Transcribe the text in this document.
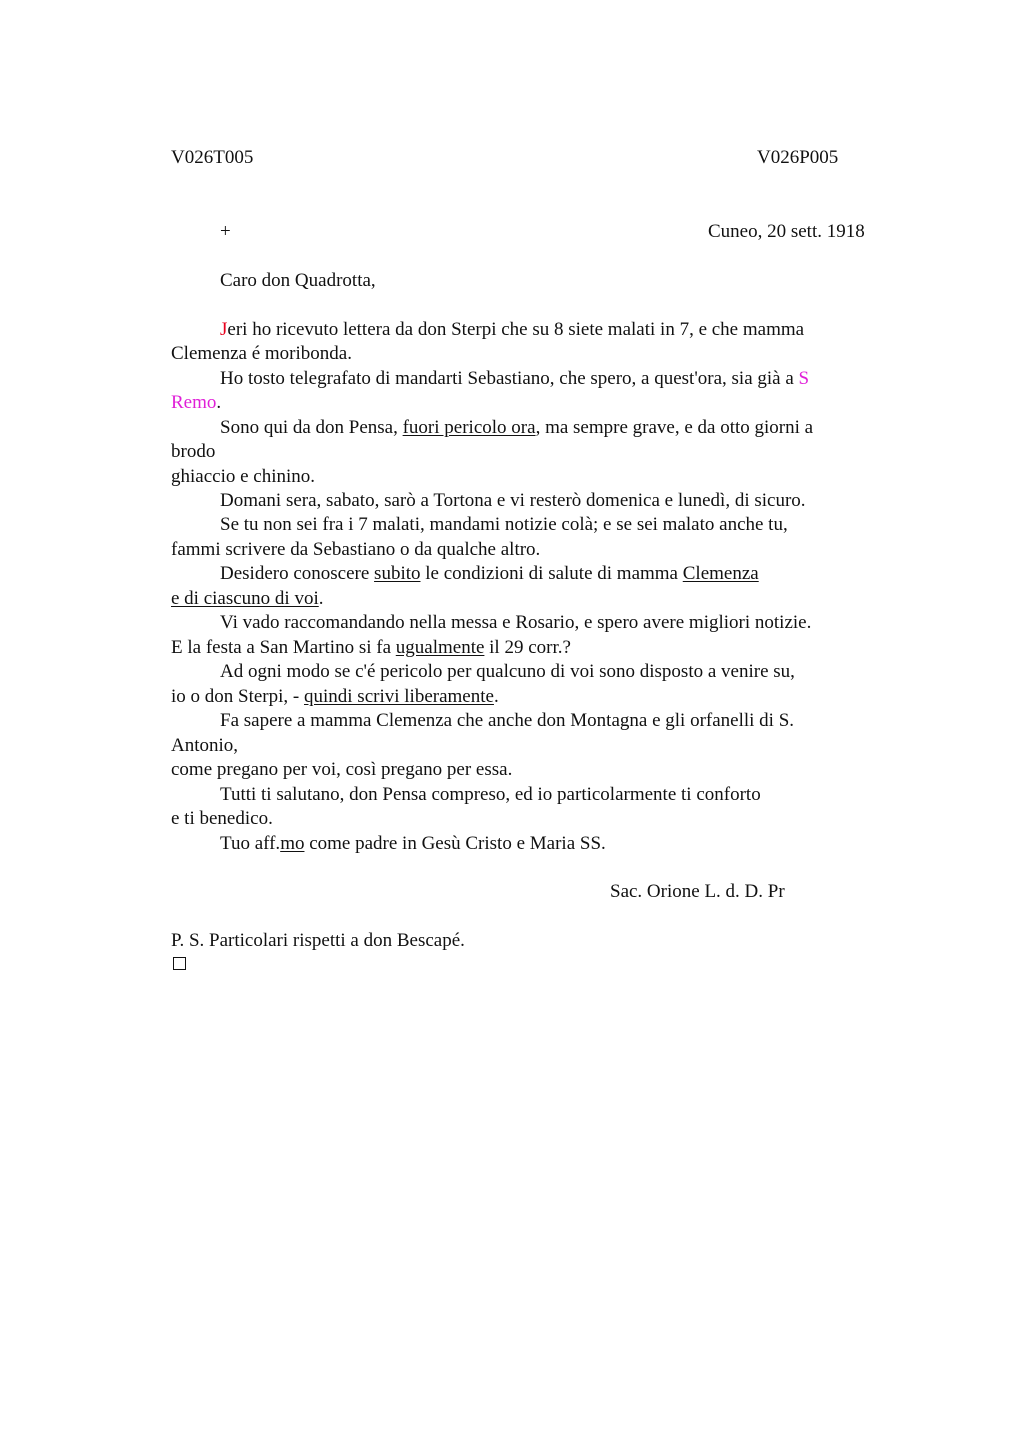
V026T005	V026P005
+	Cuneo, 20 sett. 1918
Caro don Quadrotta,
Jeri ho ricevuto lettera da don Sterpi che su 8 siete malati in 7, e che mamma
Clemenza é moribonda.
Ho tosto telegrafato di mandarti Sebastiano, che spero, a quest'ora, sia già a S
Remo.
Sono qui da don Pensa, fuori pericolo ora, ma sempre grave, e da otto giorni a
brodo
ghiaccio e chinino.
Domani sera, sabato, sarò a Tortona e vi resterò domenica e lunedì, di sicuro.
Se tu non sei fra i 7 malati, mandami notizie colà; e se sei malato anche tu,
fammi scrivere da Sebastiano o da qualche altro.
Desidero conoscere subito le condizioni di salute di mamma Clemenza
e di ciascuno di voi.
Vi vado raccomandando nella messa e Rosario, e spero avere migliori notizie.
E la festa a San Martino si fa ugualmente il 29 corr.?
Ad ogni modo se c'é pericolo per qualcuno di voi sono disposto a venire su,
io o don Sterpi, - quindi scrivi liberamente.
Fa sapere a mamma Clemenza che anche don Montagna e gli orfanelli di S.
Antonio,
come pregano per voi, così pregano per essa.
Tutti ti salutano, don Pensa compreso, ed io particolarmente ti conforto
e ti benedico.
Tuo aff.mo come padre in Gesù Cristo e Maria SS.
Sac. Orione L. d. D. Pr
P. S. Particolari rispetti a don Bescapé.
